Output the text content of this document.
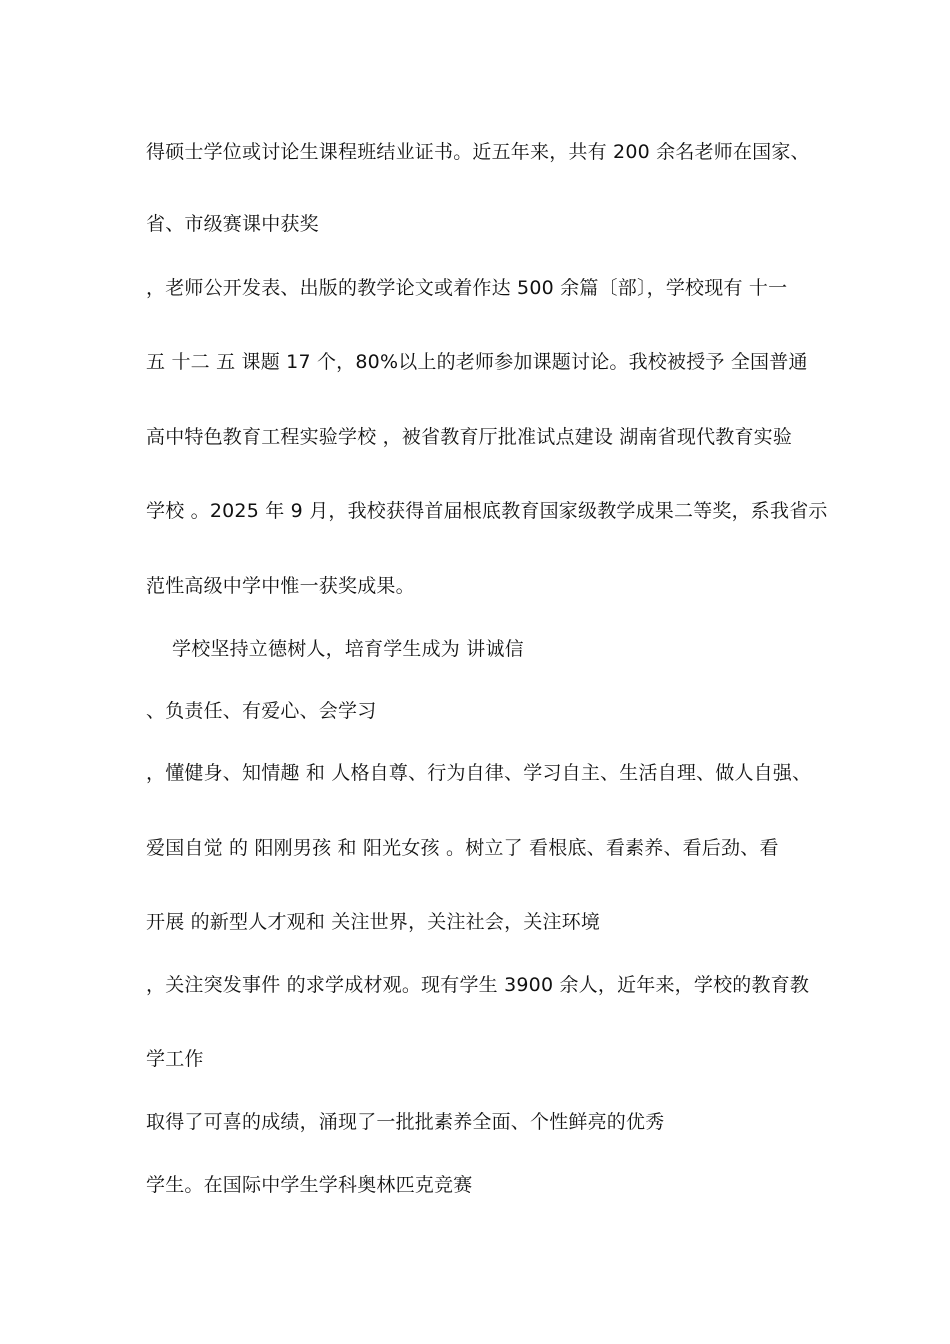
得硕士学位或讨论生课程班结业证书。近五年来，共有 200 余名老师在国家、

省、市级赛课中获奖

，老师公开发表、出版的教学论文或着作达 500 余篇〔部〕，学校现有 十一

五 十二 五 课题 17 个，80%以上的老师参加课题讨论。我校被授予 全国普通

高中特色教育工程实验学校 ，被省教育厅批准试点建设 湖南省现代教育实验

学校 。2025 年 9 月，我校获得首届根底教育国家级教学成果二等奖，系我省示

范性高级中学中惟一获奖成果。

学校坚持立德树人，培育学生成为 讲诚信

、负责任、有爱心、会学习

，懂健身、知情趣 和 人格自尊、行为自律、学习自主、生活自理、做人自强、

爱国自觉 的 阳刚男孩 和 阳光女孩 。树立了 看根底、看素养、看后劲、看

开展 的新型人才观和 关注世界，关注社会，关注环境

，关注突发事件 的求学成材观。现有学生 3900 余人，近年来，学校的教育教

学工作

取得了可喜的成绩，涌现了一批批素养全面、个性鲜亮的优秀

学生。在国际中学生学科奥林匹克竞赛
